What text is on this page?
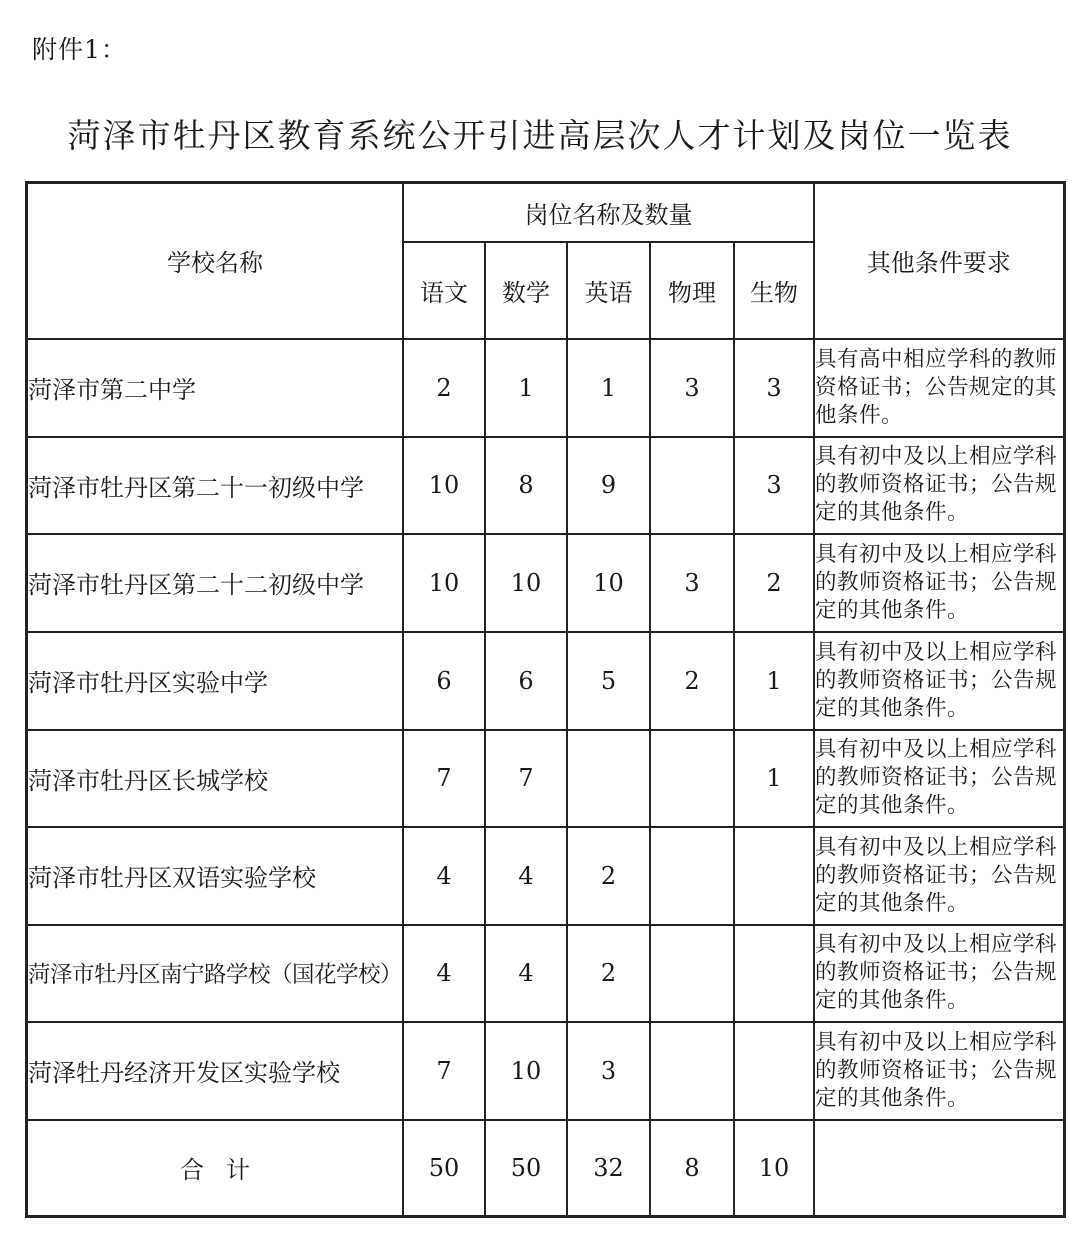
附件1：
菏泽市牡丹区教育系统公开引进高层次人才计划及岗位一览表
学校名称	岗位名称及数量					其他条件要求
	语文	数学	英语	物理	生物	
菏泽市第二中学	2	1	1	3	3	具有高中相应学科的教师资格证书；公告规定的其他条件。
菏泽市牡丹区第二十一初级中学	10	8	9		3	具有初中及以上相应学科的教师资格证书；公告规定的其他条件。
菏泽市牡丹区第二十二初级中学	10	10	10	3	2	具有初中及以上相应学科的教师资格证书；公告规定的其他条件。
菏泽市牡丹区实验中学	6	6	5	2	1	具有初中及以上相应学科的教师资格证书；公告规定的其他条件。
菏泽市牡丹区长城学校	7	7			1	具有初中及以上相应学科的教师资格证书；公告规定的其他条件。
菏泽市牡丹区双语实验学校	4	4	2			具有初中及以上相应学科的教师资格证书；公告规定的其他条件。
菏泽市牡丹区南宁路学校（国花学校）	4	4	2			具有初中及以上相应学科的教师资格证书；公告规定的其他条件。
菏泽牡丹经济开发区实验学校	7	10	3			具有初中及以上相应学科的教师资格证书；公告规定的其他条件。
合计	50	50	32	8	10	
